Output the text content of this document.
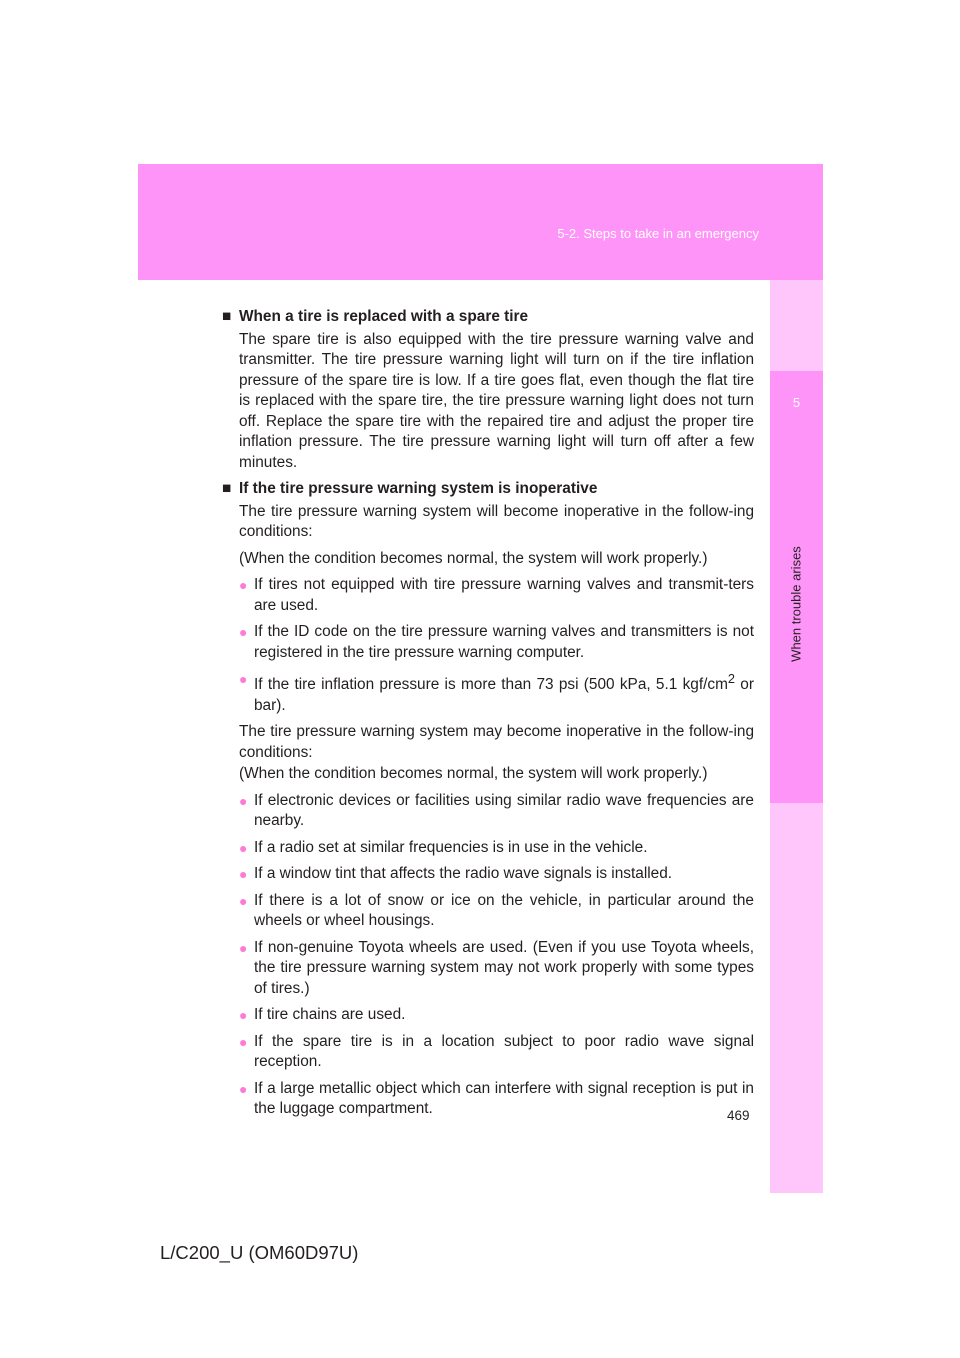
5-2. Steps to take in an emergency
5
When trouble arises
■ When a tire is replaced with a spare tire

The spare tire is also equipped with the tire pressure warning valve and transmitter. The tire pressure warning light will turn on if the tire inflation pressure of the spare tire is low. If a tire goes flat, even though the flat tire is replaced with the spare tire, the tire pressure warning light does not turn off. Replace the spare tire with the repaired tire and adjust the proper tire inflation pressure. The tire pressure warning light will turn off after a few minutes.

■ If the tire pressure warning system is inoperative

The tire pressure warning system will become inoperative in the follow-ing conditions:

(When the condition becomes normal, the system will work properly.)

● If tires not equipped with tire pressure warning valves and transmit-ters are used.
● If the ID code on the tire pressure warning valves and transmitters is not registered in the tire pressure warning computer.
● If the tire inflation pressure is more than 73 psi (500 kPa, 5.1 kgf/$cm^2$ or bar).

The tire pressure warning system may become inoperative in the follow-ing conditions:

(When the condition becomes normal, the system will work properly.)

● If electronic devices or facilities using similar radio wave frequencies are nearby.
● If a radio set at similar frequencies is in use in the vehicle.
● If a window tint that affects the radio wave signals is installed.
● If there is a lot of snow or ice on the vehicle, in particular around the wheels or wheel housings.
● If non-genuine Toyota wheels are used. (Even if you use Toyota wheels, the tire pressure warning system may not work properly with some types of tires.)
● If tire chains are used.
● If the spare tire is in a location subject to poor radio wave signal reception.
● If a large metallic object which can interfere with signal reception is put in the luggage compartment.	469
L/C200_U (OM60D97U)
